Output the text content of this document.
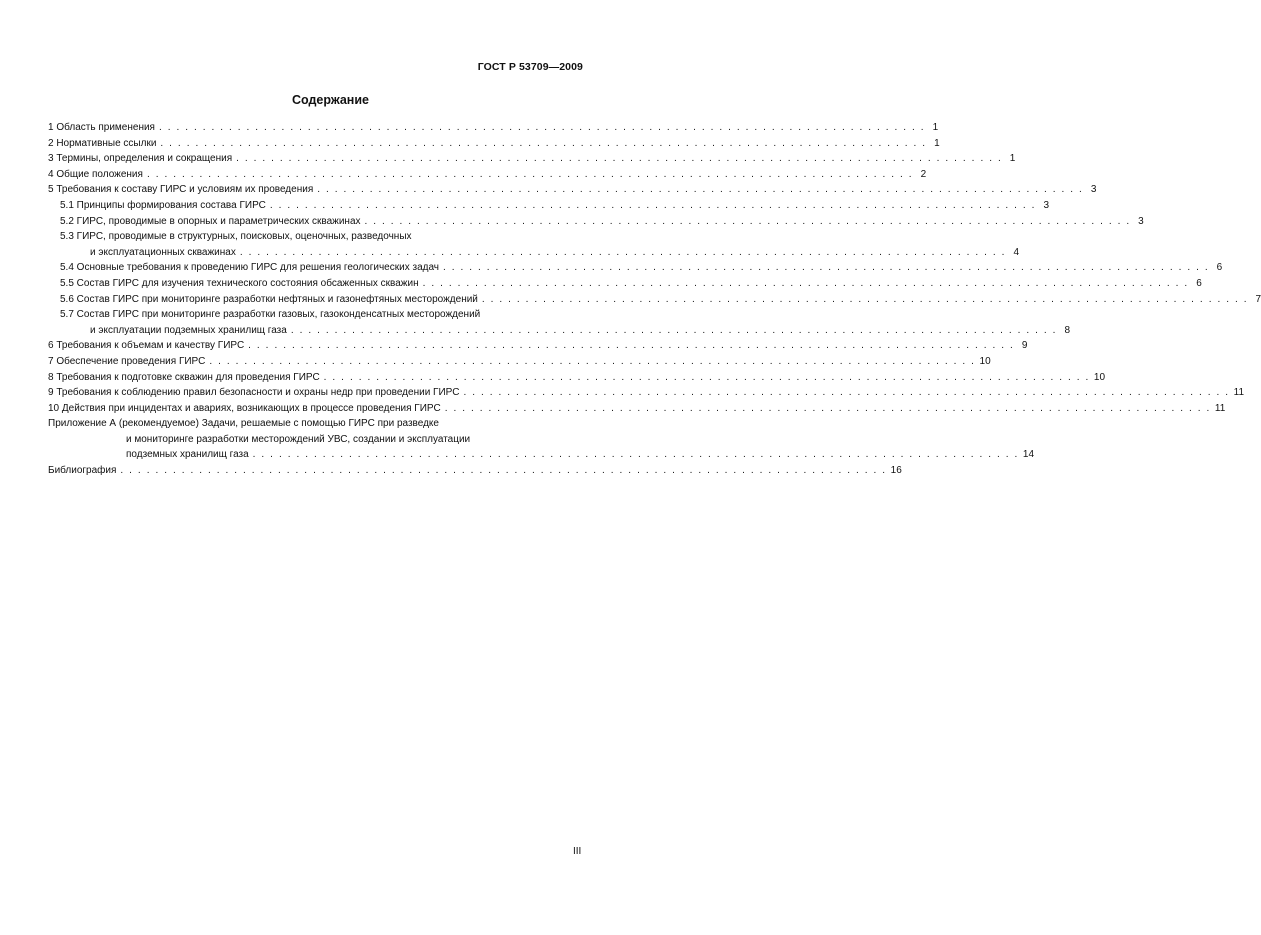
ГОСТ Р 53709—2009
Содержание
1 Область применения . . . . . . . . . . . . . . . . . . . . . . . . . . . . . . . . . . . . . . . . . . . . . . . . . . . . . . . . . . . . . . . . . . . . . . . . . . . . . . . . . . . . . . . . 1
2 Нормативные ссылки . . . . . . . . . . . . . . . . . . . . . . . . . . . . . . . . . . . . . . . . . . . . . . . . . . . . . . . . . . . . . . . . . . . . . . . . . . . . . . . . . . . . . . . . 1
3 Термины, определения и сокращения . . . . . . . . . . . . . . . . . . . . . . . . . . . . . . . . . . . . . . . . . . . . . . . . . . . . . . . . . . . . . . . . . . . . . . . . . . . . . . . . . . . . . . . . 1
4 Общие положения . . . . . . . . . . . . . . . . . . . . . . . . . . . . . . . . . . . . . . . . . . . . . . . . . . . . . . . . . . . . . . . . . . . . . . . . . . . . . . . . . . . . . . . . 2
5 Требования к составу ГИРС и условиям их проведения . . . . . . . . . . . . . . . . . . . . . . . . . . . . . . . . . . . . . . . . . . . . . . . . . . . . . . . . . . . . . . . . . . . . . . . . . . . . . . . . . . . . . . . . 3
5.1 Принципы формирования состава ГИРС . . . . . . . . . . . . . . . . . . . . . . . . . . . . . . . . . . . . . . . . . . . . . . . . . . . . . . . . . . . . . . . . . . . . . . . . . . . . . . . . . . . . . . . . 3
5.2 ГИРС, проводимые в опорных и параметрических скважинах . . . . . . . . . . . . . . . . . . . . . . . . . . . . . . . . . . . . . . . . . . . . . . . . . . . . . . . . . . . . . . . . . . . . . . . . . . . . . . . . . . . . . . . . 3
5.3 ГИРС, проводимые в структурных, поисковых, оценочных, разведочных
и эксплуатационных скважинах . . . . . . . . . . . . . . . . . . . . . . . . . . . . . . . . . . . . . . . . . . . . . . . . . . . . . . . . . . . . . . . . . . . . . . . . . . . . . . . . . . . . . . . . 4
5.4 Основные требования к проведению ГИРС для решения геологических задач . . . . . . . . . . . . . . . . . . . . . . . . . . . . . . . . . . . . . . . . . . . . . . . . . . . . . . . . . . . . . . . . . . . . . . . . . . . . . . . . . . . . . . . . 6
5.5 Состав ГИРС для изучения технического состояния обсаженных скважин . . . . . . . . . . . . . . . . . . . . . . . . . . . . . . . . . . . . . . . . . . . . . . . . . . . . . . . . . . . . . . . . . . . . . . . . . . . . . . . . . . . . . . . . 6
5.6 Состав ГИРС при мониторинге разработки нефтяных и газонефтяных месторождений . . . . . . . . . . . . . . . . . . . . . . . . . . . . . . . . . . . . . . . . . . . . . . . . . . . . . . . . . . . . . . . . . . . . . . . . . . . . . . . . . . . . . . . . 7
5.7 Состав ГИРС при мониторинге разработки газовых, газоконденсатных месторождений
и эксплуатации подземных хранилищ газа . . . . . . . . . . . . . . . . . . . . . . . . . . . . . . . . . . . . . . . . . . . . . . . . . . . . . . . . . . . . . . . . . . . . . . . . . . . . . . . . . . . . . . . . 8
6 Требования к объемам и качеству ГИРС . . . . . . . . . . . . . . . . . . . . . . . . . . . . . . . . . . . . . . . . . . . . . . . . . . . . . . . . . . . . . . . . . . . . . . . . . . . . . . . . . . . . . . . . 9
7 Обеспечение проведения ГИРС . . . . . . . . . . . . . . . . . . . . . . . . . . . . . . . . . . . . . . . . . . . . . . . . . . . . . . . . . . . . . . . . . . . . . . . . . . . . . . . . . . . . . . . . 10
8 Требования к подготовке скважин для проведения ГИРС . . . . . . . . . . . . . . . . . . . . . . . . . . . . . . . . . . . . . . . . . . . . . . . . . . . . . . . . . . . . . . . . . . . . . . . . . . . . . . . . . . . . . . . . 10
9 Требования к соблюдению правил безопасности и охраны недр при проведении ГИРС . . . . . . . . . . . . . . . . . . . . . . . . . . . . . . . . . . . . . . . . . . . . . . . . . . . . . . . . . . . . . . . . . . . . . . . . . . . . . . . . . . . . . . . . 11
10 Действия при инцидентах и авариях, возникающих в процессе проведения ГИРС . . . . . . . . . . . . . . . . . . . . . . . . . . . . . . . . . . . . . . . . . . . . . . . . . . . . . . . . . . . . . . . . . . . . . . . . . . . . . . . . . . . . . . . . 11
Приложение А (рекомендуемое) Задачи, решаемые с помощью ГИРС при разведке
и мониторинге разработки месторождений УВС, создании и эксплуатации
подземных хранилищ газа . . . . . . . . . . . . . . . . . . . . . . . . . . . . . . . . . . . . . . . . . . . . . . . . . . . . . . . . . . . . . . . . . . . . . . . . . . . . . . . . . . . . . . . . 14
Библиография . . . . . . . . . . . . . . . . . . . . . . . . . . . . . . . . . . . . . . . . . . . . . . . . . . . . . . . . . . . . . . . . . . . . . . . . . . . . . . . . . . . . . . . . 16
III
